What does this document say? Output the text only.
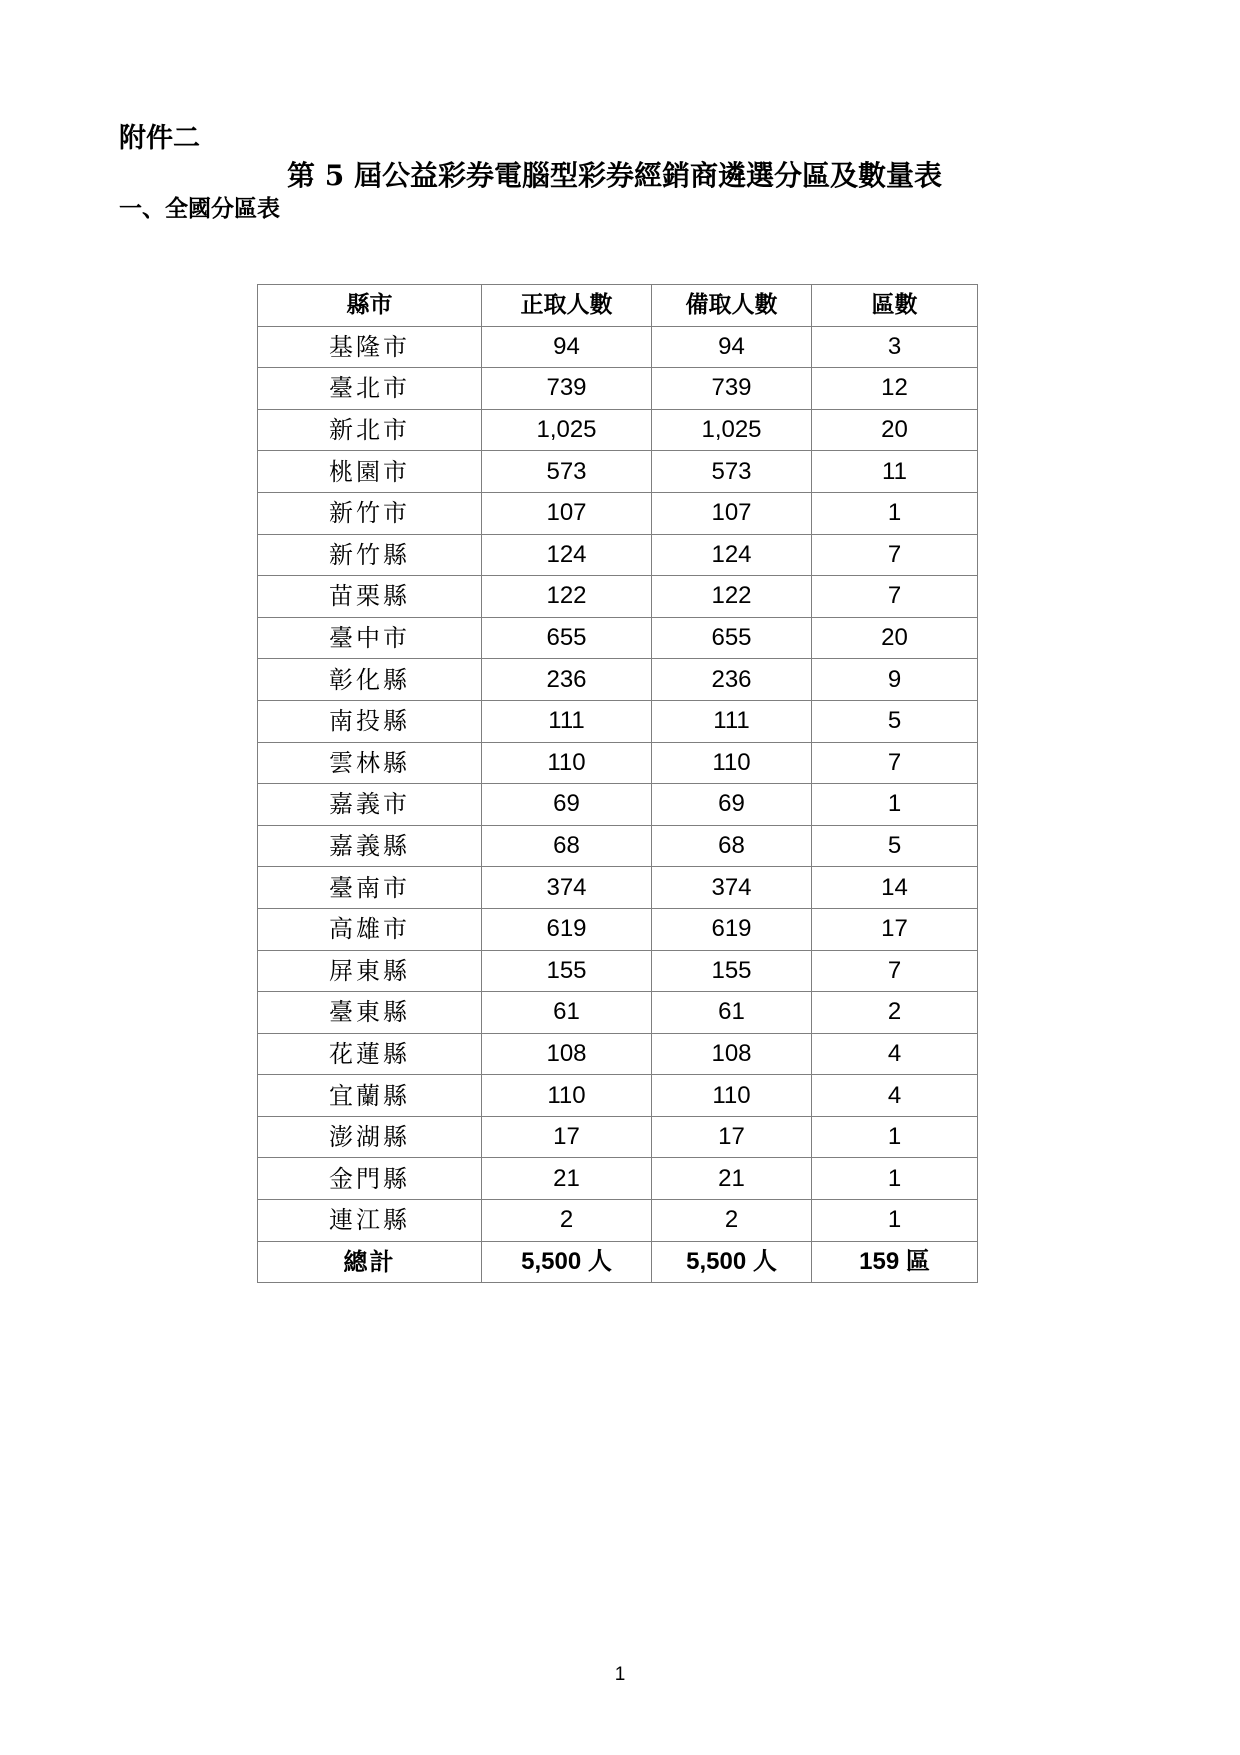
附件二
第 5 屆公益彩券電腦型彩券經銷商遴選分區及數量表
一、全國分區表
縣市	正取人數	備取人數	區數
基隆市	94	94	3
臺北市	739	739	12
新北市	1,025	1,025	20
桃園市	573	573	11
新竹市	107	107	1
新竹縣	124	124	7
苗栗縣	122	122	7
臺中市	655	655	20
彰化縣	236	236	9
南投縣	111	111	5
雲林縣	110	110	7
嘉義市	69	69	1
嘉義縣	68	68	5
臺南市	374	374	14
高雄市	619	619	17
屏東縣	155	155	7
臺東縣	61	61	2
花蓮縣	108	108	4
宜蘭縣	110	110	4
澎湖縣	17	17	1
金門縣	21	21	1
連江縣	2	2	1
總計	5,500 人	5,500 人	159 區
1
